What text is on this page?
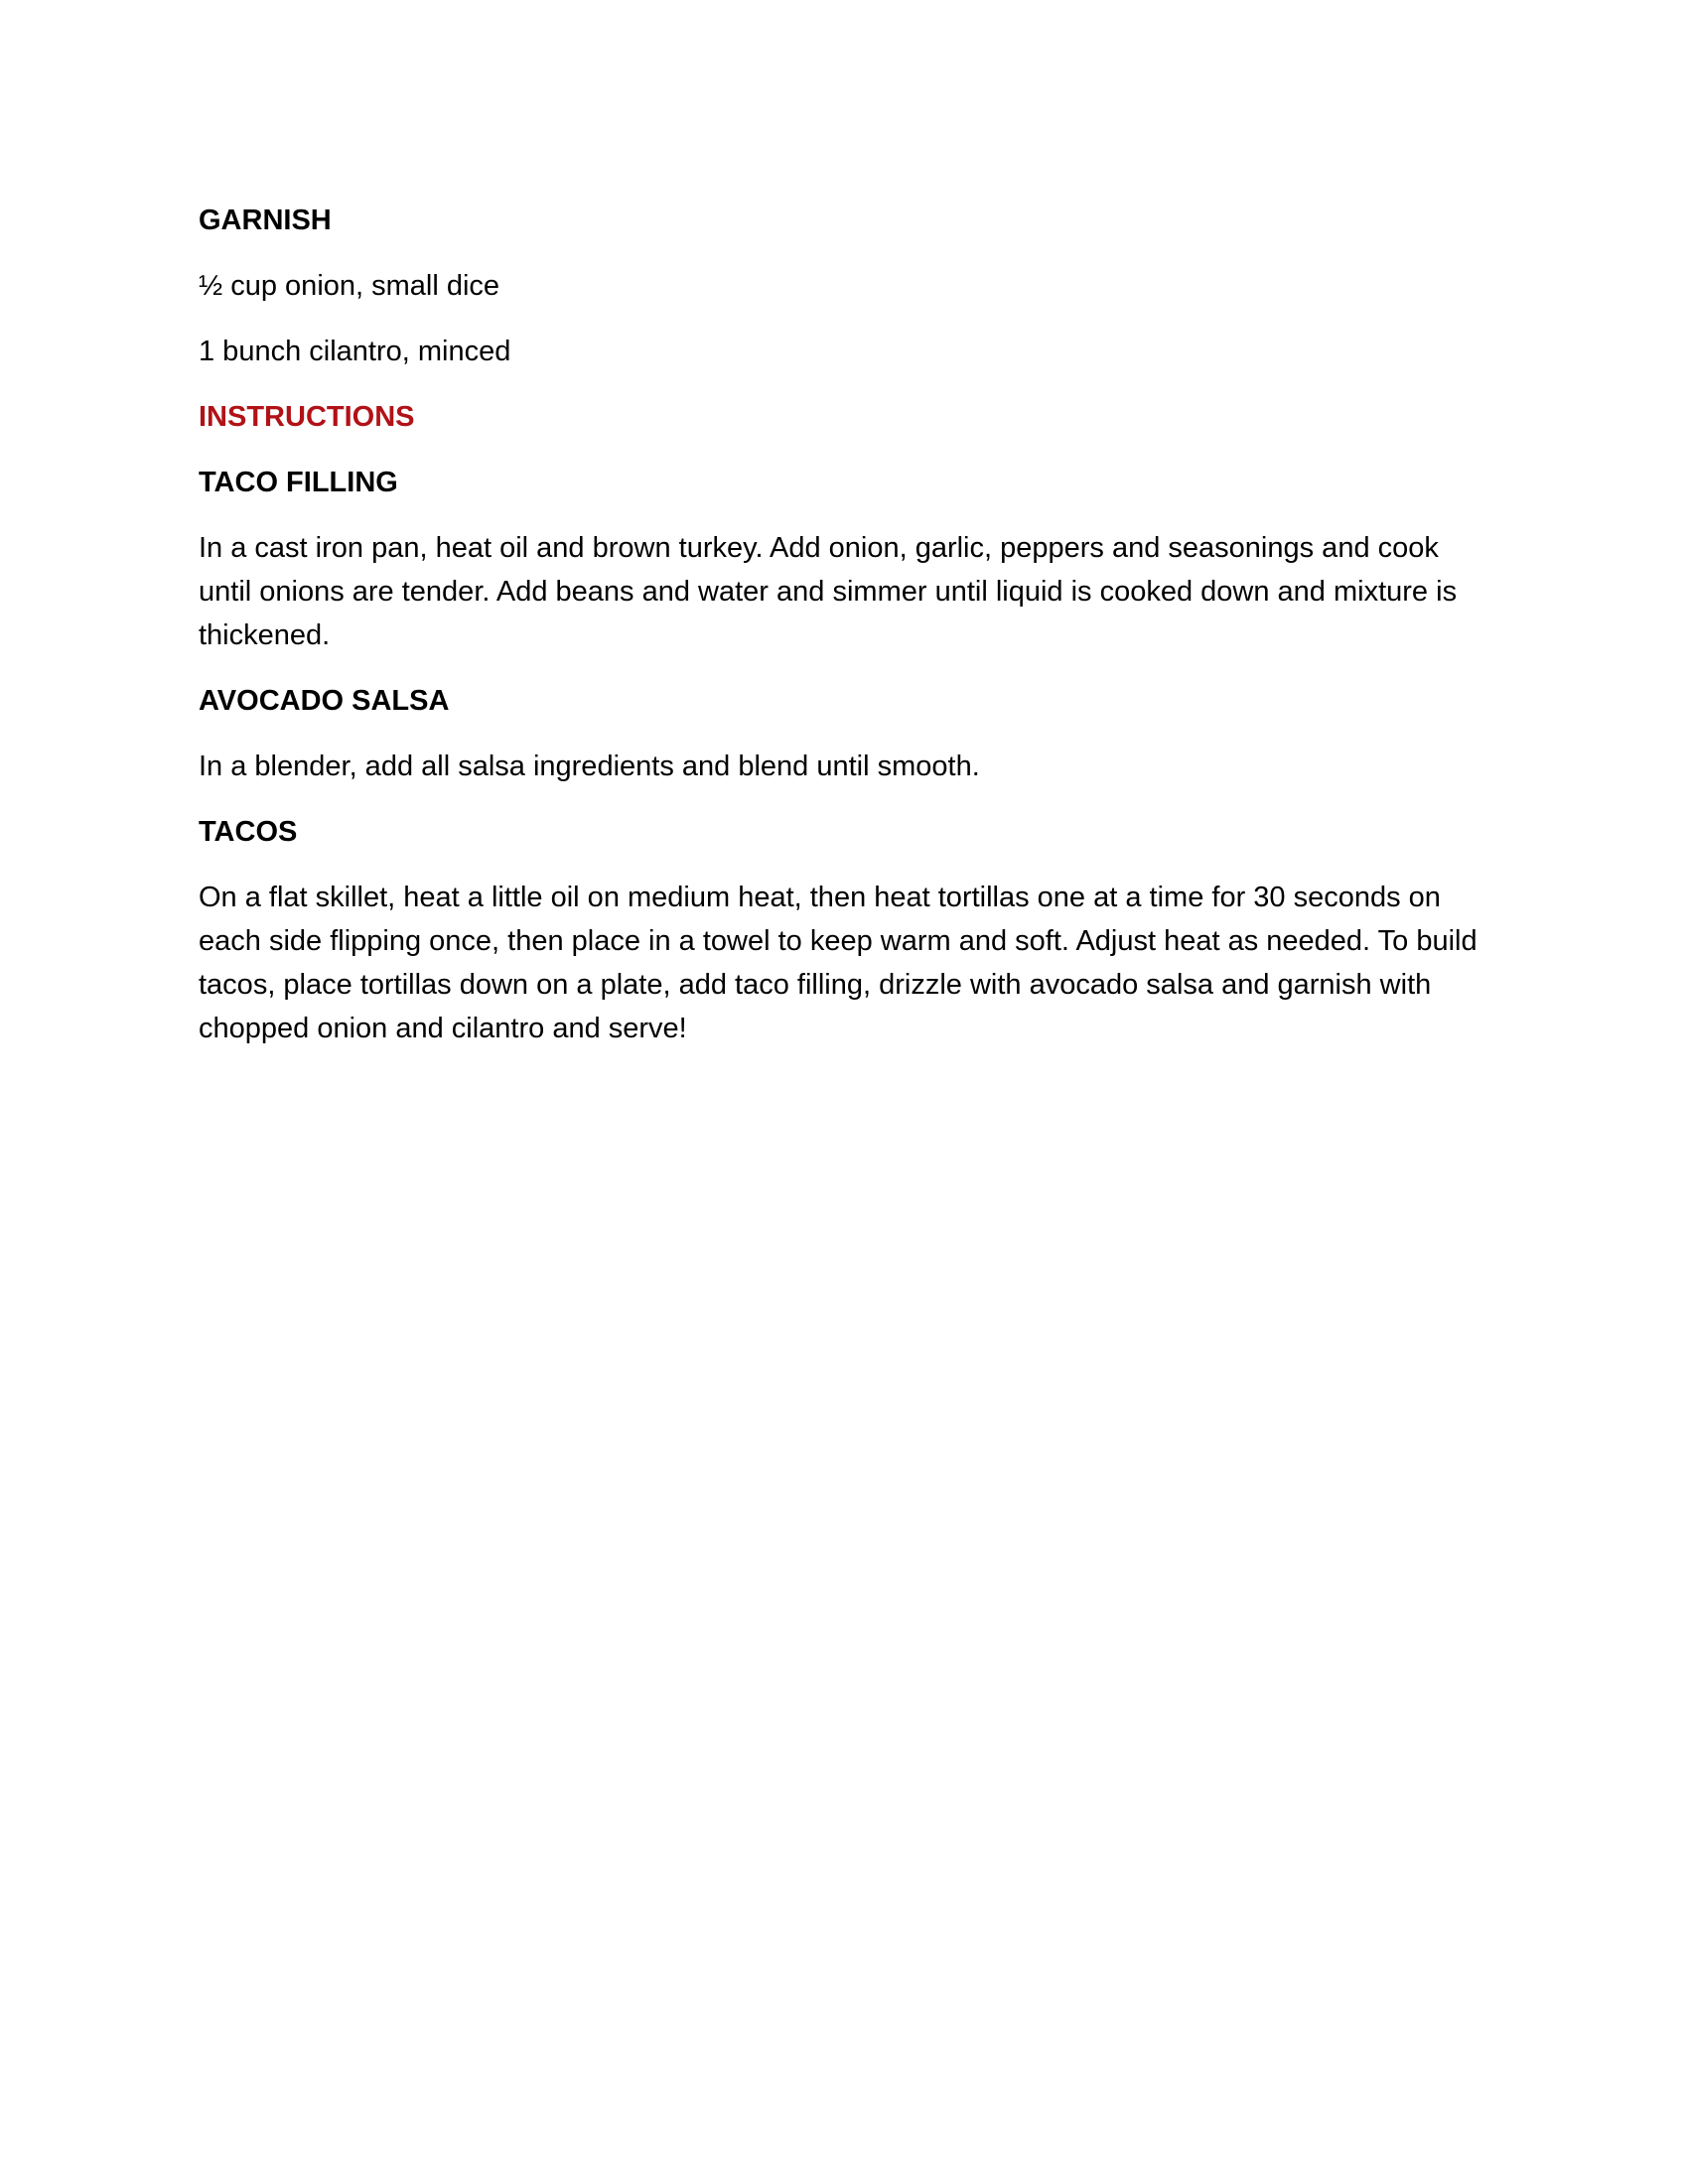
GARNISH
½ cup onion, small dice
1 bunch cilantro, minced
INSTRUCTIONS
TACO FILLING
In a cast iron pan, heat oil and brown turkey. Add onion, garlic, peppers and seasonings and cook until onions are tender. Add beans and water and simmer until liquid is cooked down and mixture is thickened.
AVOCADO SALSA
In a blender, add all salsa ingredients and blend until smooth.
TACOS
On a flat skillet, heat a little oil on medium heat, then heat tortillas one at a time for 30 seconds on each side flipping once, then place in a towel to keep warm and soft. Adjust heat as needed. To build tacos, place tortillas down on a plate, add taco filling, drizzle with avocado salsa and garnish with chopped onion and cilantro and serve!
